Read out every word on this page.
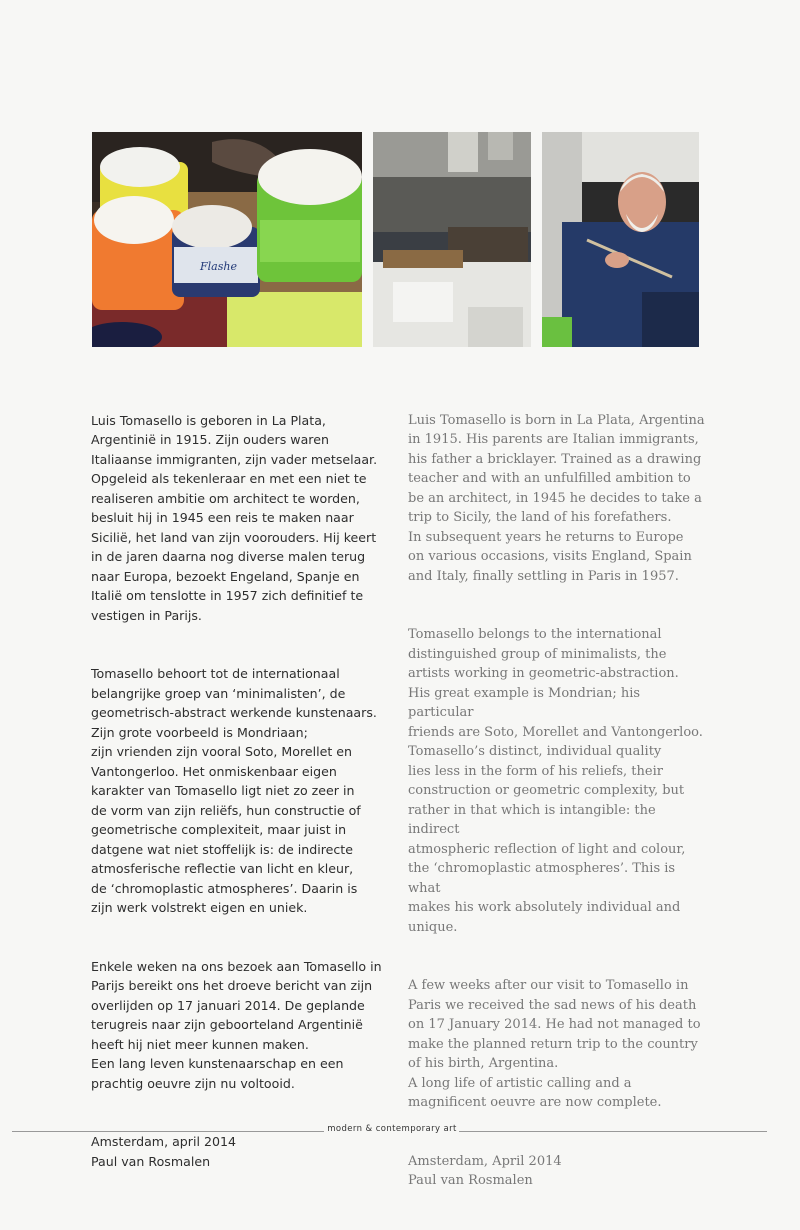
Flashe

Luis Tomasello is geboren in La Plata,
Argentinië in 1915. Zijn ouders waren
Italiaanse immigranten, zijn vader metselaar.
Opgeleid als tekenleraar en met een niet te
realiseren ambitie om architect te worden,
besluit hij in 1945 een reis te maken naar
Sicilië, het land van zijn voorouders. Hij keert
in de jaren daarna nog diverse malen terug
naar Europa, bezoekt Engeland, Spanje en
Italië om tenslotte in 1957 zich definitief te
vestigen in Parijs.

Tomasello behoort tot de internationaal
belangrijke groep van ‘minimalisten’, de
geometrisch-abstract werkende kunstenaars.
Zijn grote voorbeeld is Mondriaan;
zijn vrienden zijn vooral Soto, Morellet en
Vantongerloo. Het onmiskenbaar eigen
karakter van Tomasello ligt niet zo zeer in
de vorm van zijn reliëfs, hun constructie of
geometrische complexiteit, maar juist in
datgene wat niet stoffelijk is: de indirecte
atmosferische reflectie van licht en kleur,
de ‘chromoplastic atmospheres’. Daarin is
zijn werk volstrekt eigen en uniek.

Enkele weken na ons bezoek aan Tomasello in
Parijs bereikt ons het droeve bericht van zijn
overlijden op 17 januari 2014. De geplande
terugreis naar zijn geboorteland Argentinië
heeft hij niet meer kunnen maken.
Een lang leven kunstenaarschap en een
prachtig oeuvre zijn nu voltooid.

Amsterdam, april 2014
Paul van Rosmalen

Luis Tomasello is born in La Plata, Argentina
in 1915. His parents are Italian immigrants,
his father a bricklayer. Trained as a drawing
teacher and with an unfulfilled ambition to
be an architect, in 1945 he decides to take a
trip to Sicily, the land of his forefathers.
In subsequent years he returns to Europe
on various occasions, visits England, Spain
and Italy, finally settling in Paris in 1957.

Tomasello belongs to the international
distinguished group of minimalists, the
artists working in geometric-abstraction.
His great example is Mondrian; his particular
friends are Soto, Morellet and Vantongerloo.
Tomasello’s distinct, individual quality
lies less in the form of his reliefs, their
construction or geometric complexity, but
rather in that which is intangible: the indirect
atmospheric reflection of light and colour,
the ‘chromoplastic atmospheres’. This is what
makes his work absolutely individual and
unique.

A few weeks after our visit to Tomasello in
Paris we received the sad news of his death
on 17 January 2014. He had not managed to
make the planned return trip to the country
of his birth, Argentina.
A long life of artistic calling and a
magnificent oeuvre are now complete.

Amsterdam, April 2014
Paul van Rosmalen

modern & contemporary art
